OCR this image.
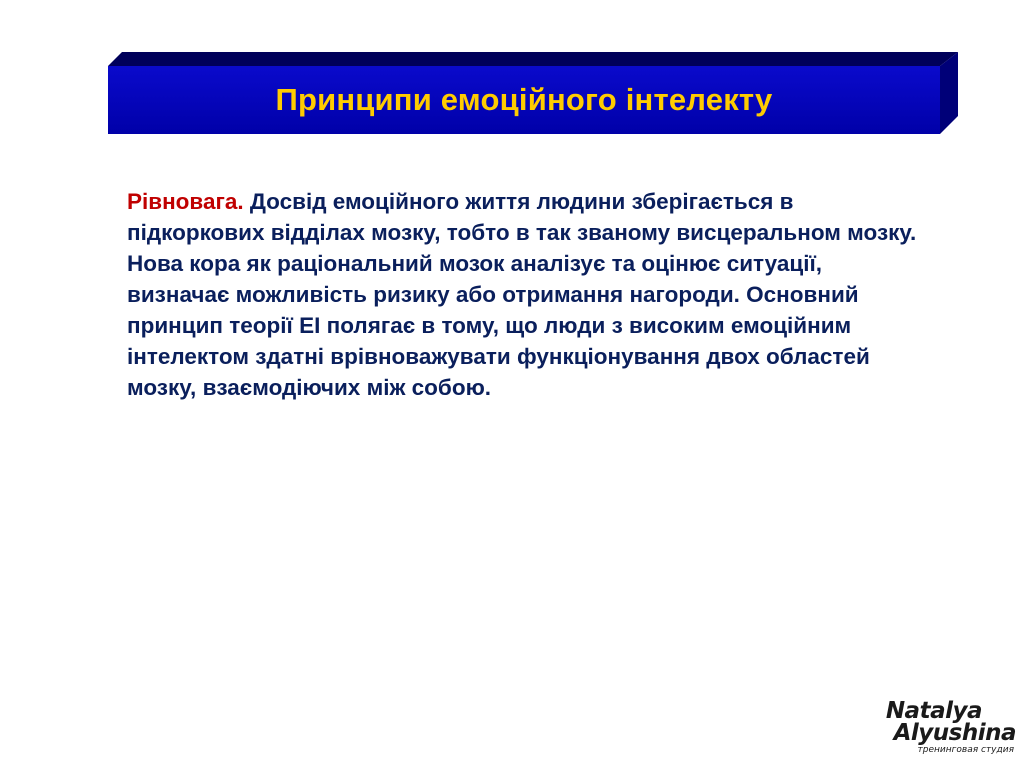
Принципи емоційного інтелекту
Рівновага. Досвід емоційного життя людини зберігається в підкоркових відділах мозку, тобто в так званому висцеральном мозку. Нова кора як раціональний мозок аналізує та оцінює ситуації, визначає можливість ризику або отримання нагороди. Основний принцип теорії ЕІ полягає в тому, що люди з високим емоційним інтелектом здатні врівноважувати функціонування двох областей мозку, взаємодіючих між собою.
Natalya
Alyushina
тренинговая студия
